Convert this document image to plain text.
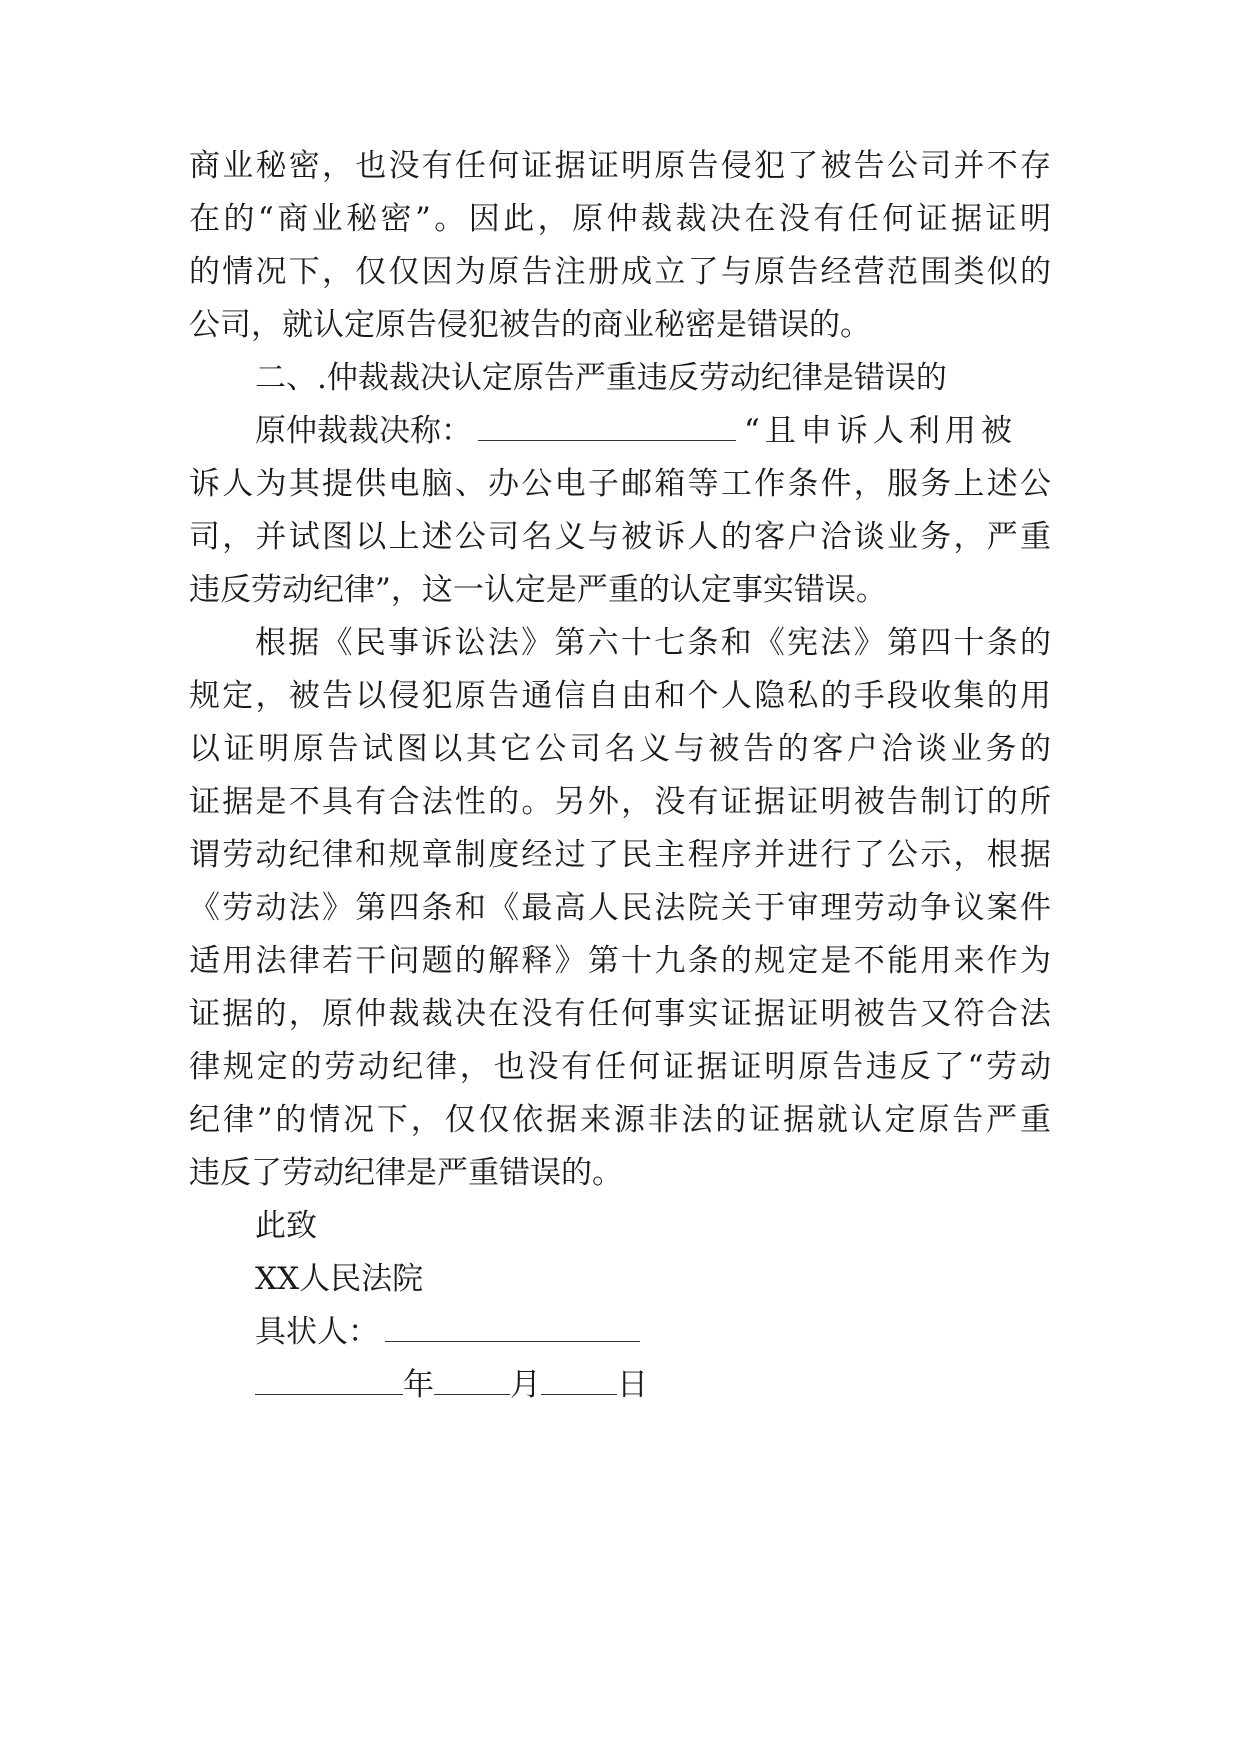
商业秘密，也没有任何证据证明原告侵犯了被告公司并不存
在的“商业秘密”。因此，原仲裁裁决在没有任何证据证明
的情况下，仅仅因为原告注册成立了与原告经营范围类似的
公司，就认定原告侵犯被告的商业秘密是错误的。
二、.仲裁裁决认定原告严重违反劳动纪律是错误的
原仲裁裁决称：	“且申诉人利用被
诉人为其提供电脑、办公电子邮箱等工作条件，服务上述公
司，并试图以上述公司名义与被诉人的客户洽谈业务，严重
违反劳动纪律”，这一认定是严重的认定事实错误。
根据《民事诉讼法》第六十七条和《宪法》第四十条的
规定，被告以侵犯原告通信自由和个人隐私的手段收集的用
以证明原告试图以其它公司名义与被告的客户洽谈业务的
证据是不具有合法性的。另外，没有证据证明被告制订的所
谓劳动纪律和规章制度经过了民主程序并进行了公示，根据
《劳动法》第四条和《最高人民法院关于审理劳动争议案件
适用法律若干问题的解释》第十九条的规定是不能用来作为
证据的，原仲裁裁决在没有任何事实证据证明被告又符合法
律规定的劳动纪律，也没有任何证据证明原告违反了“劳动
纪律”的情况下，仅仅依据来源非法的证据就认定原告严重
违反了劳动纪律是严重错误的。
此致
XX人民法院
具状人：
年 月 日
